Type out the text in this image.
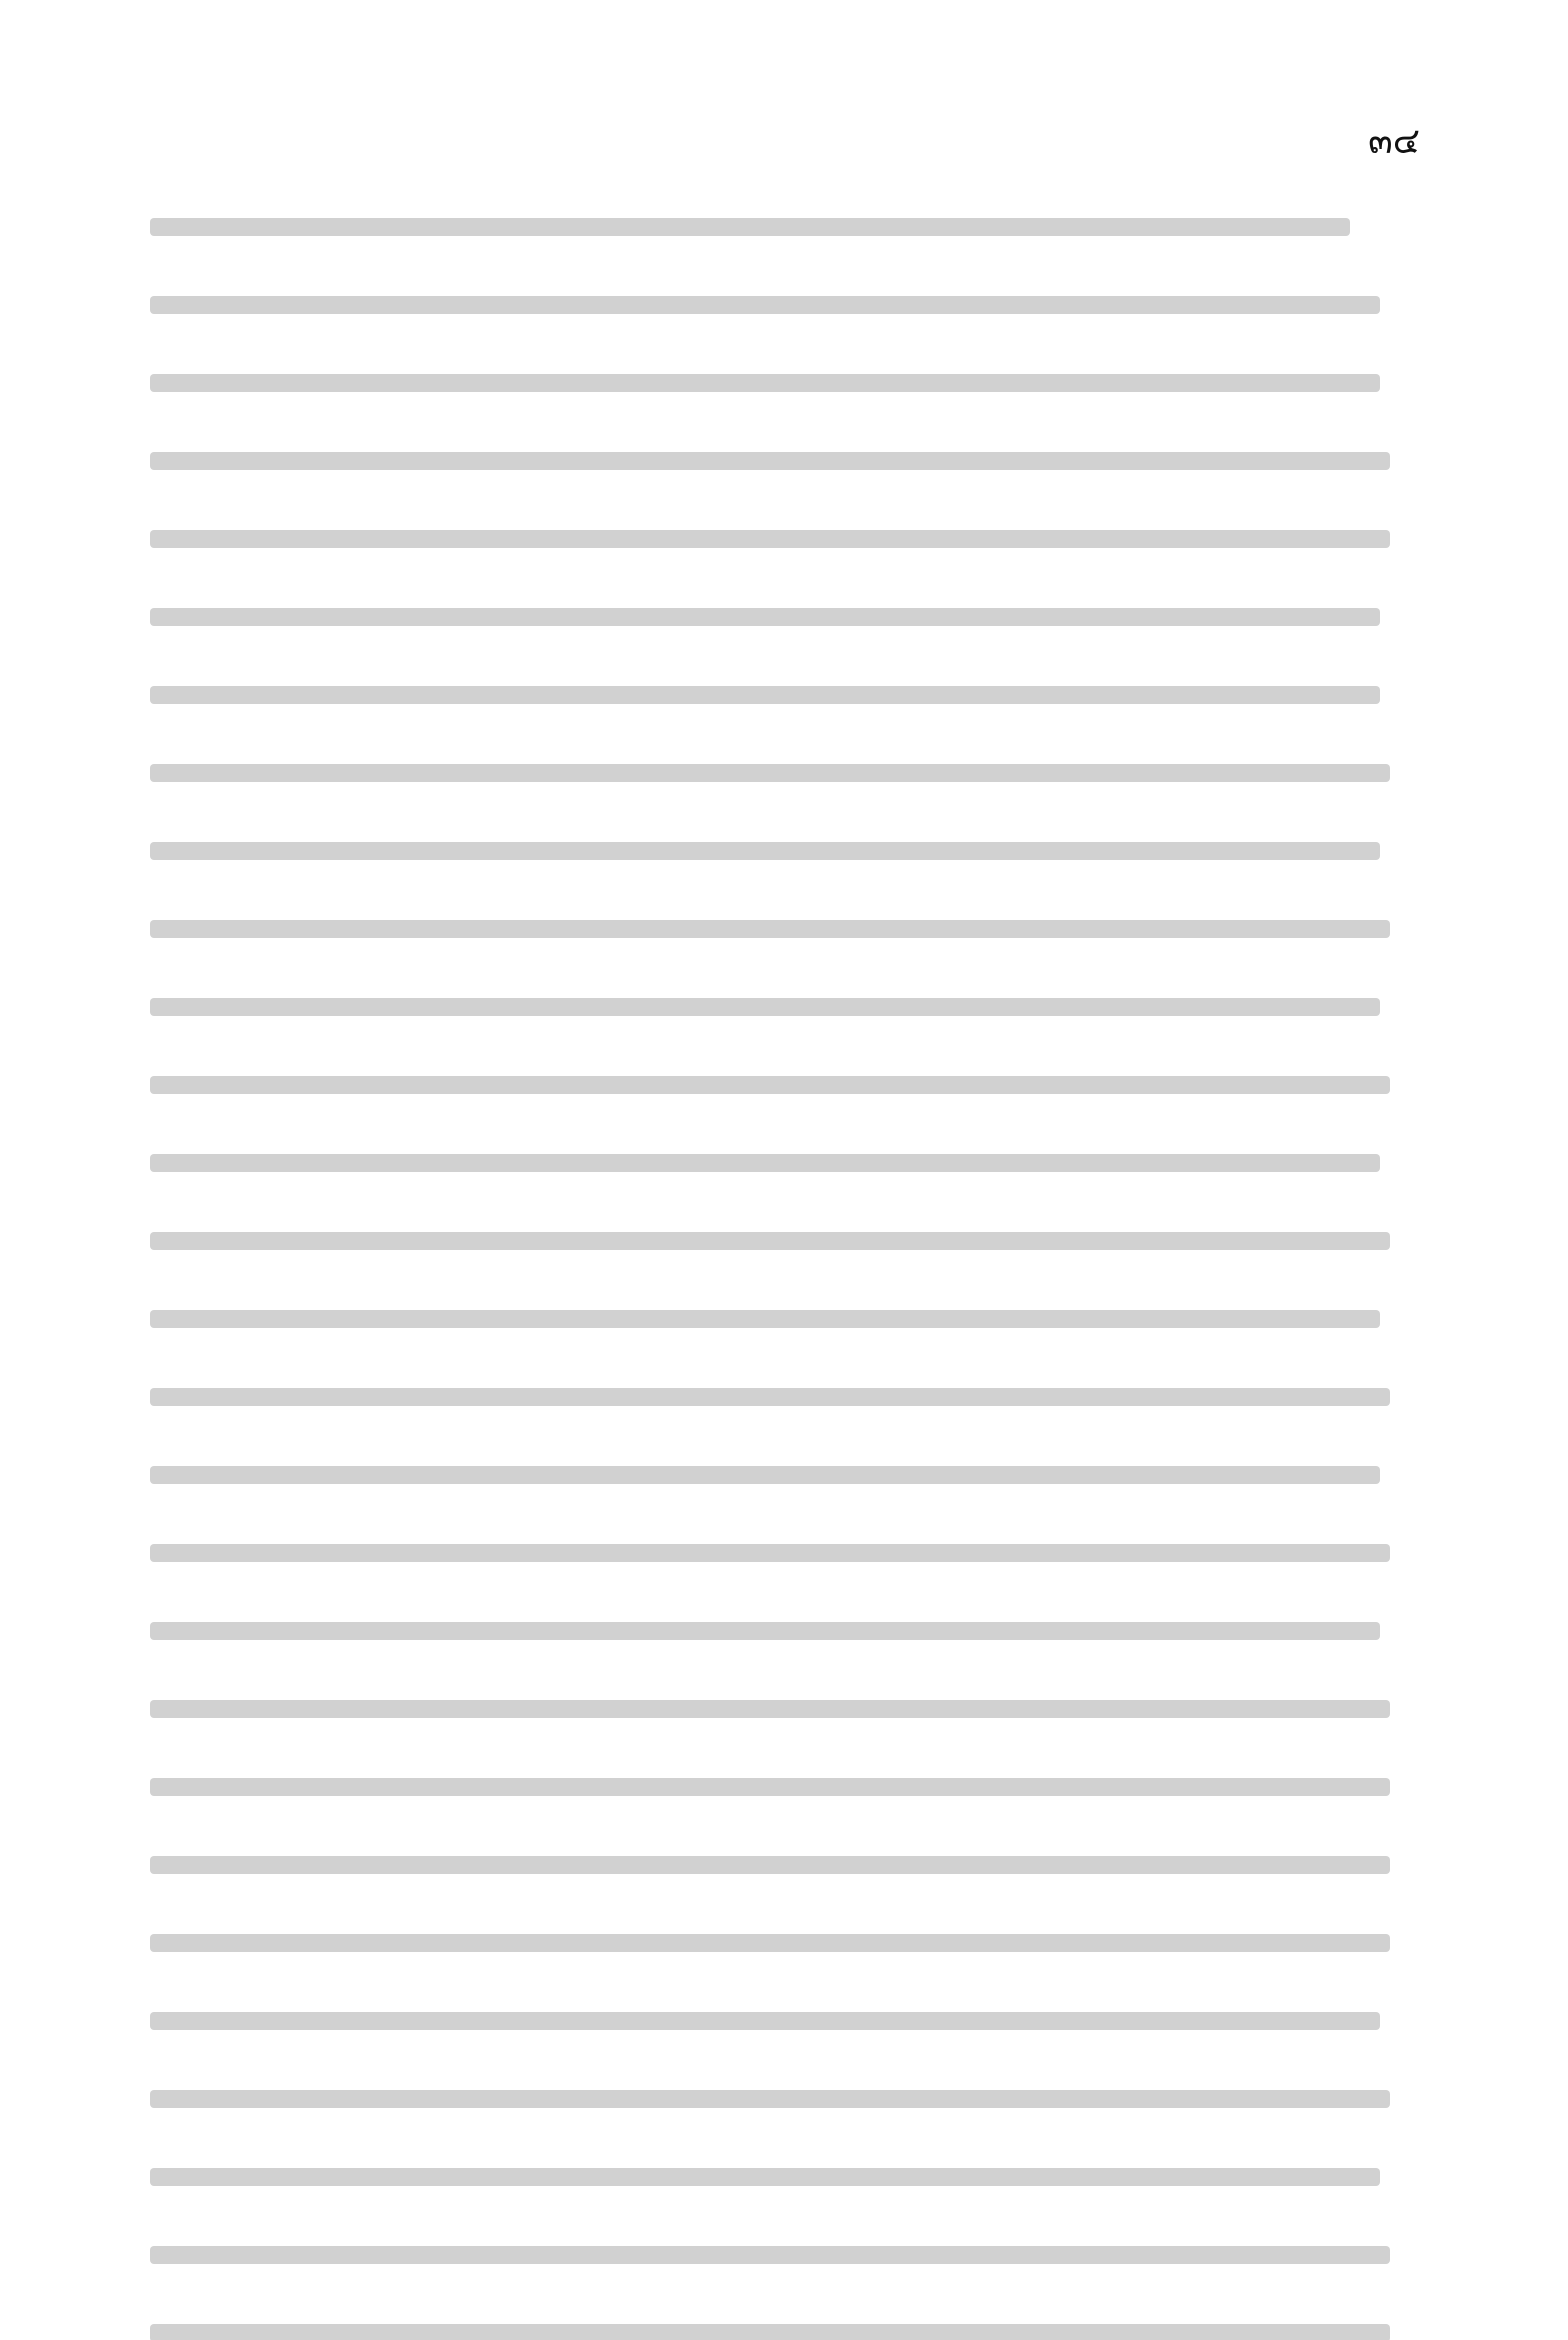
๓๔
